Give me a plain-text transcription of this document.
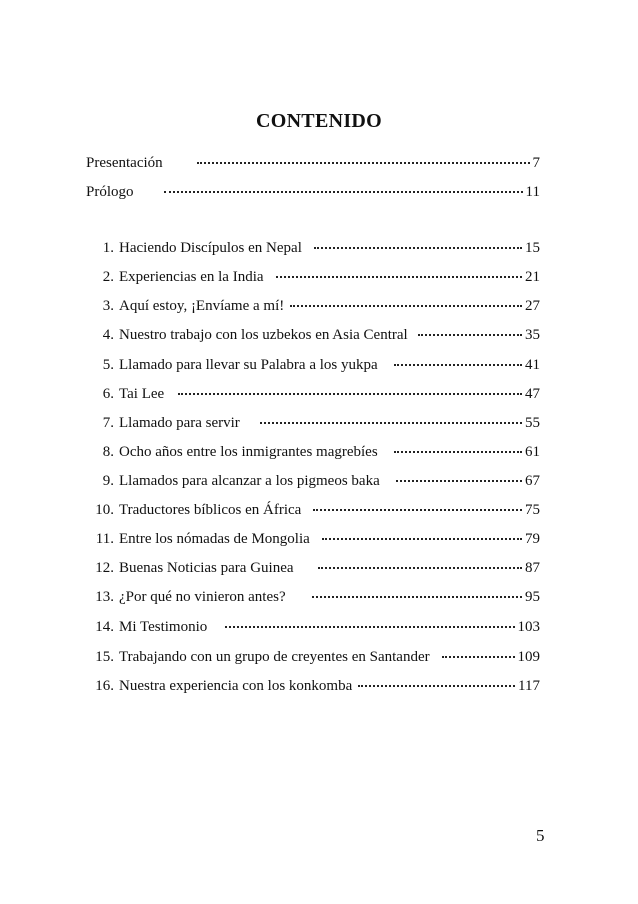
CONTENIDO
Presentación	7
Prólogo	11
1. Haciendo Discípulos en Nepal	15
2. Experiencias en la India	21
3. Aquí estoy, ¡Envíame a mí!	27
4. Nuestro trabajo con los uzbekos en Asia Central	35
5. Llamado para llevar su Palabra a los yukpa	41
6. Tai Lee	47
7. Llamado para servir	55
8. Ocho años entre los inmigrantes magrebíes	61
9. Llamados para alcanzar a los pigmeos baka	67
10. Traductores bíblicos en África	75
11. Entre los nómadas de Mongolia	79
12. Buenas Noticias para Guinea	87
13. ¿Por qué no vinieron antes?	95
14. Mi Testimonio	103
15. Trabajando con un grupo de creyentes en Santander	109
16. Nuestra experiencia con los konkomba	117
5
